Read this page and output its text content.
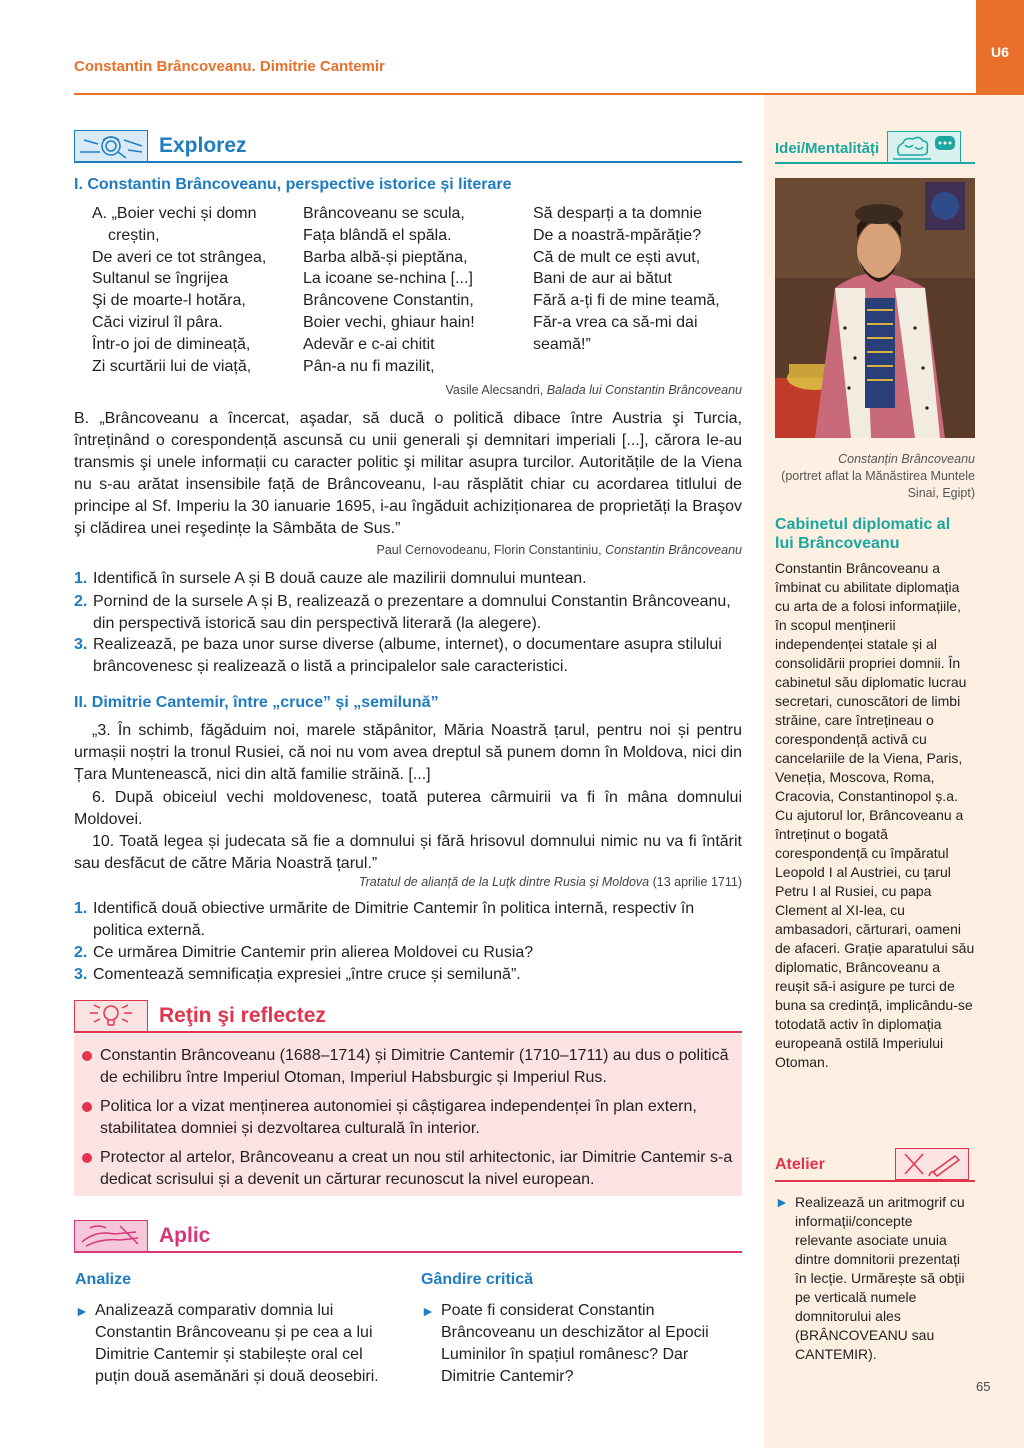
Constantin Brâncoveanu. Dimitrie Cantemir
U6
Explorez
I. Constantin Brâncoveanu, perspective istorice și literare
A. „Boier vechi și domn
creștin,
De averi ce tot strângea,
Sultanul se îngrijea
Şi de moarte-l hotăra,
Căci vizirul îl pâra.
Într-o joi de dimineață,
Zi scurtării lui de viață,
Brâncoveanu se scula,
Fața blândă el spăla.
Barba albă-și pieptăna,
La icoane se-nchina [...]
Brâncovene Constantin,
Boier vechi, ghiaur hain!
Adevăr e c-ai chitit
Pân-a nu fi mazilit,
Să desparți a ta domnie
De a noastră-mpărăție?
Că de mult ce ești avut,
Bani de aur ai bătut
Fără a-ți fi de mine teamă,
Făr-a vrea ca să-mi dai
seamă!”
Vasile Alecsandri, Balada lui Constantin Brâncoveanu
B. „Brâncoveanu a încercat, aşadar, să ducă o politică dibace între Austria şi Turcia, întreținând o corespondență ascunsă cu unii generali şi demnitari imperiali [...], cărora le-au transmis şi unele informații cu caracter politic şi militar asupra turcilor. Autoritățile de la Viena nu s-au arătat insensibile față de Brâncoveanu, l-au răsplătit chiar cu acordarea titlului de principe al Sf. Imperiu la 30 ianuarie 1695, i-au îngăduit achiziționarea de proprietăți la Braşov şi clădirea unei reşedințe la Sâmbăta de Sus.”
Paul Cernovodeanu, Florin Constantiniu, Constantin Brâncoveanu
1. Identifică în sursele A și B două cauze ale mazilirii domnului muntean.
2. Pornind de la sursele A și B, realizează o prezentare a domnului Constantin Brâncoveanu, din perspectivă istorică sau din perspectivă literară (la alegere).
3. Realizează, pe baza unor surse diverse (albume, internet), o documentare asupra stilului brâncovenesc și realizează o listă a principalelor sale caracteristici.
II. Dimitrie Cantemir, între „cruce” și „semilună”
„3. În schimb, făgăduim noi, marele stăpânitor, Măria Noastră țarul, pentru noi și pentru urmașii noștri la tronul Rusiei, că noi nu vom avea dreptul să punem domn în Moldova, nici din Țara Muntenească, nici din altă familie străină. [...]
6. După obiceiul vechi moldovenesc, toată puterea cârmuirii va fi în mâna domnului Moldovei.
10. Toată legea și judecata să fie a domnului și fără hrisovul domnului nimic nu va fi întărit sau desfăcut de către Măria Noastră țarul.”
Tratatul de alianță de la Luțk dintre Rusia și Moldova (13 aprilie 1711)
1. Identifică două obiective urmărite de Dimitrie Cantemir în politica internă, respectiv în politica externă.
2. Ce urmărea Dimitrie Cantemir prin alierea Moldovei cu Rusia?
3. Comentează semnificația expresiei „între cruce și semilună”.
Reţin şi reflectez
Constantin Brâncoveanu (1688–1714) și Dimitrie Cantemir (1710–1711) au dus o politică de echilibru între Imperiul Otoman, Imperiul Habsburgic și Imperiul Rus.
Politica lor a vizat menținerea autonomiei și câștigarea independenței în plan extern, stabilitatea domniei și dezvoltarea culturală în interior.
Protector al artelor, Brâncoveanu a creat un nou stil arhitectonic, iar Dimitrie Cantemir s-a dedicat scrisului și a devenit un cărturar recunoscut la nivel european.
Aplic
Analize
► Analizează comparativ domnia lui Constantin Brâncoveanu și pe cea a lui Dimitrie Cantemir și stabilește oral cel puțin două asemănări și două deosebiri.
Gândire critică
► Poate fi considerat Constantin Brâncoveanu un deschizător al Epocii Luminilor în spațiul românesc? Dar Dimitrie Cantemir?
Idei/Mentalități
Constanțin Brâncoveanu
(portret aflat la Mănăstirea Muntele Sinai, Egipt)
Cabinetul diplomatic al lui Brâncoveanu
Constantin Brâncoveanu a îmbinat cu abilitate diplomația cu arta de a folosi informațiile, în scopul menținerii independenței statale și al consolidării propriei domnii. În cabinetul său diplomatic lucrau secretari, cunoscători de limbi străine, care întrețineau o corespondență activă cu cancelariile de la Viena, Paris, Veneția, Moscova, Roma, Cracovia, Constantinopol ș.a. Cu ajutorul lor, Brâncoveanu a întreținut o bogată corespondență cu împăratul Leopold I al Austriei, cu țarul Petru I al Rusiei, cu papa Clement al XI-lea, cu ambasadori, cărturari, oameni de afaceri. Grație aparatului său diplomatic, Brâncoveanu a reușit să-i asigure pe turci de buna sa credință, implicându-se totodată activ în diplomația europeană ostilă Imperiului Otoman.
Atelier
► Realizează un aritmogrif cu informații/concepte relevante asociate unuia dintre domnitorii prezentați în lecție. Urmărește să obții pe verticală numele domnitorului ales (BRÂNCOVEANU sau CANTEMIR).
65
